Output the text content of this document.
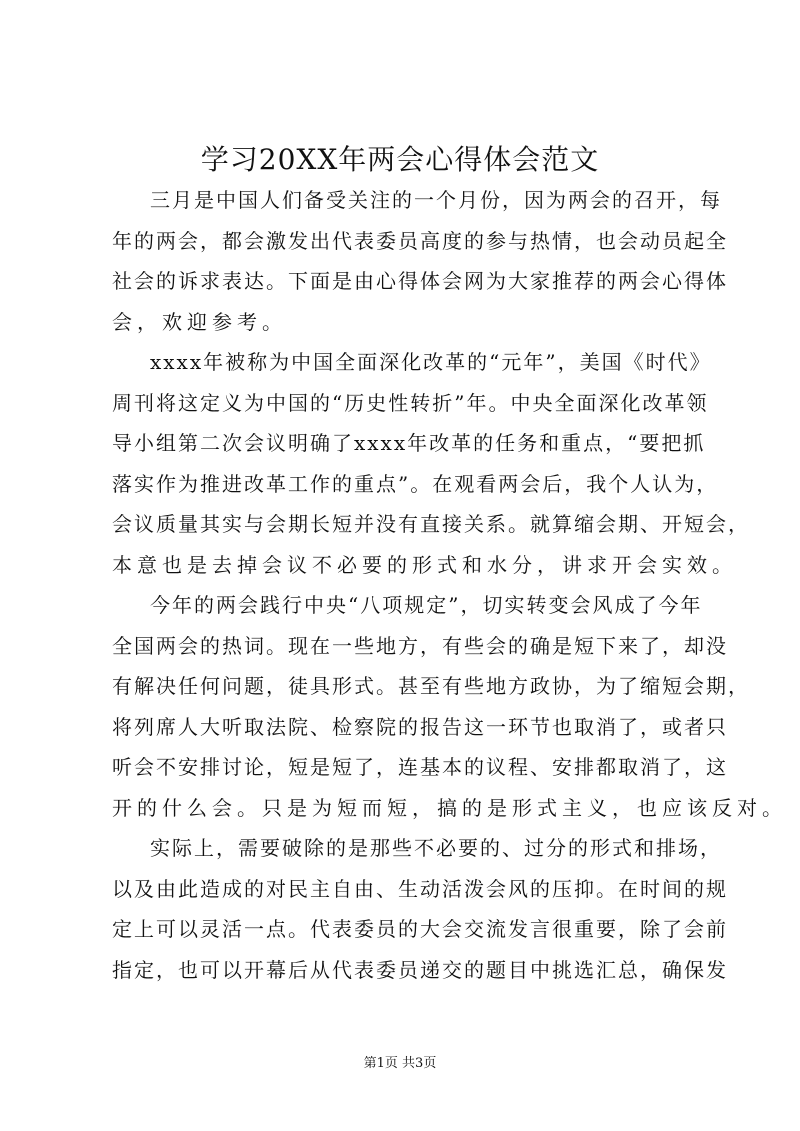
学习20XX年两会心得体会范文
三月是中国人们备受关注的一个月份，因为两会的召开，每
年的两会，都会激发出代表委员高度的参与热情，也会动员起全
社会的诉求表达。下面是由心得体会网为大家推荐的两会心得体
会，欢迎参考。
xxxx年被称为中国全面深化改革的“元年”，美国《时代》
周刊将这定义为中国的“历史性转折”年。中央全面深化改革领
导小组第二次会议明确了xxxx年改革的任务和重点，“要把抓
落实作为推进改革工作的重点”。在观看两会后，我个人认为，
会议质量其实与会期长短并没有直接关系。就算缩会期、开短会，
本意也是去掉会议不必要的形式和水分，讲求开会实效。
今年的两会践行中央“八项规定”，切实转变会风成了今年
全国两会的热词。现在一些地方，有些会的确是短下来了，却没
有解决任何问题，徒具形式。甚至有些地方政协，为了缩短会期，
将列席人大听取法院、检察院的报告这一环节也取消了，或者只
听会不安排讨论，短是短了，连基本的议程、安排都取消了，这
开的什么会。只是为短而短，搞的是形式主义，也应该反对。
实际上，需要破除的是那些不必要的、过分的形式和排场，
以及由此造成的对民主自由、生动活泼会风的压抑。在时间的规
定上可以灵活一点。代表委员的大会交流发言很重要，除了会前
指定，也可以开幕后从代表委员递交的题目中挑选汇总，确保发
第1页 共3页
